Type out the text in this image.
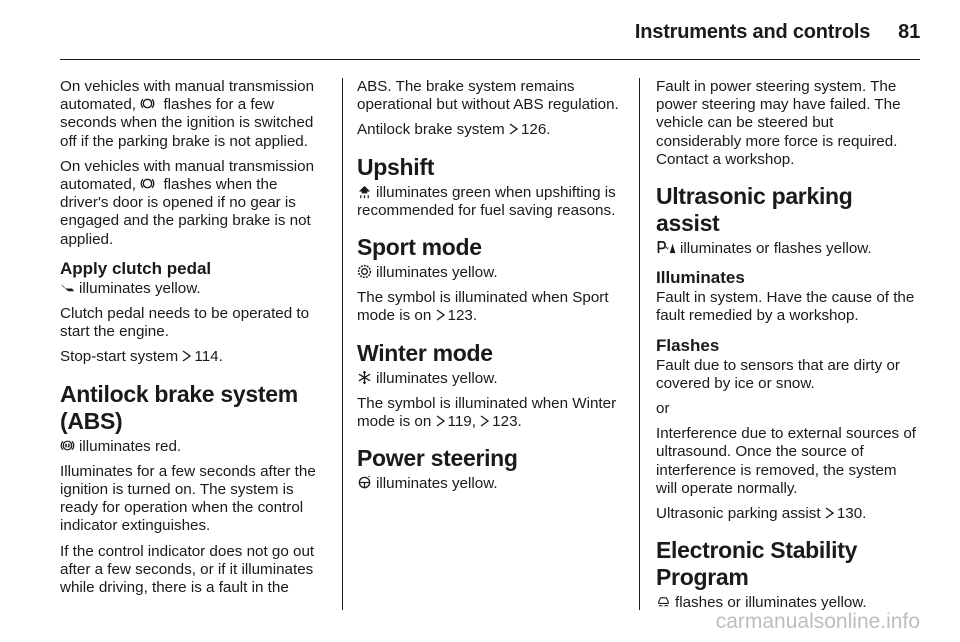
Instruments and controls 81

On vehicles with manual transmission automated,
flashes for a few seconds when the ignition is switched off if the parking brake is not applied.

On vehicles with manual transmission automated,
flashes when the driver's door is opened if no gear is engaged and the parking brake is not applied.

Apply clutch pedal

illuminates yellow.

Clutch pedal needs to be operated to start the engine.

Stop-start system
114.

Antilock brake system (ABS)

illuminates red.

Illuminates for a few seconds after the ignition is turned on. The system is ready for operation when the control indicator extinguishes.

If the control indicator does not go out after a few seconds, or if it illuminates while driving, there is a fault in the

ABS. The brake system remains operational but without ABS regulation.

Antilock brake system
126.

Upshift

illuminates green when upshifting is recommended for fuel saving reasons.

Sport mode

illuminates yellow.

The symbol is illuminated when Sport mode is on
123.

Winter mode

illuminates yellow.

The symbol is illuminated when Winter mode is on
119,
123.

Power steering

illuminates yellow.

Fault in power steering system. The power steering may have failed. The vehicle can be steered but considerably more force is required. Contact a workshop.

Ultrasonic parking assist

illuminates or flashes yellow.

Illuminates

Fault in system. Have the cause of the fault remedied by a workshop.

Flashes

Fault due to sensors that are dirty or covered by ice or snow.

or

Interference due to external sources of ultrasound. Once the source of interference is removed, the system will operate normally.

Ultrasonic parking assist
130.

Electronic Stability Program

flashes or illuminates yellow.

carmanualsonline.info
